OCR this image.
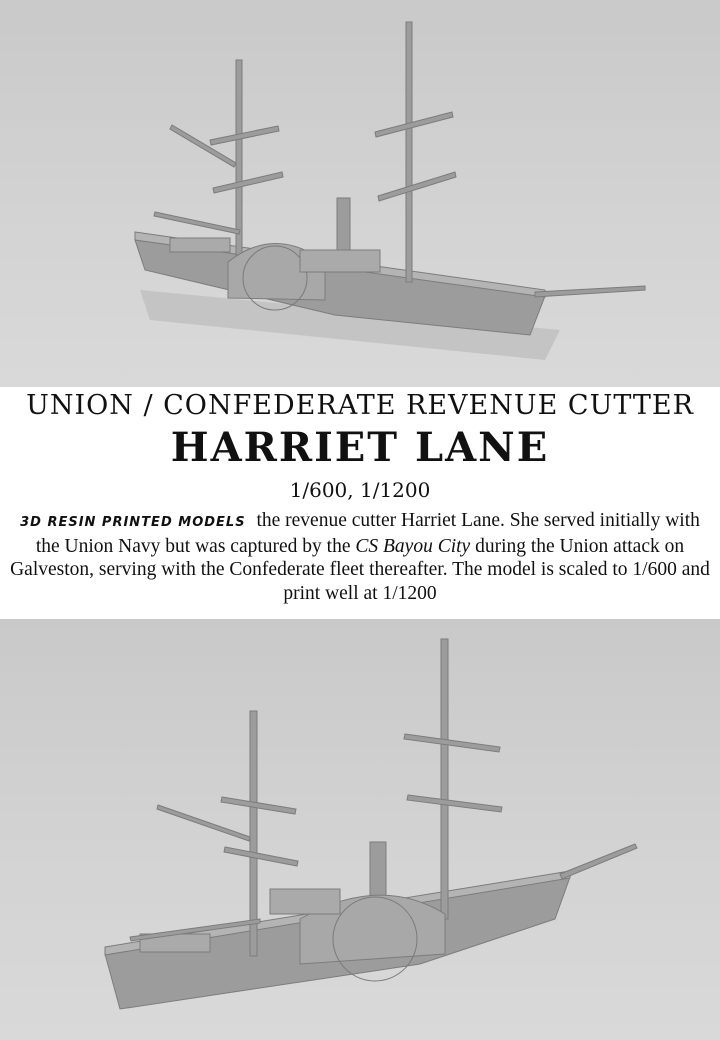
UNION / CONFEDERATE REVENUE CUTTER
HARRIET LANE
1/600, 1/1200
3D RESIN PRINTED MODELS the revenue cutter Harriet Lane. She served initially with the Union Navy but was captured by the CS Bayou City during the Union attack on Galveston, serving with the Confederate fleet thereafter. The model is scaled to 1/600 and print well at 1/1200
